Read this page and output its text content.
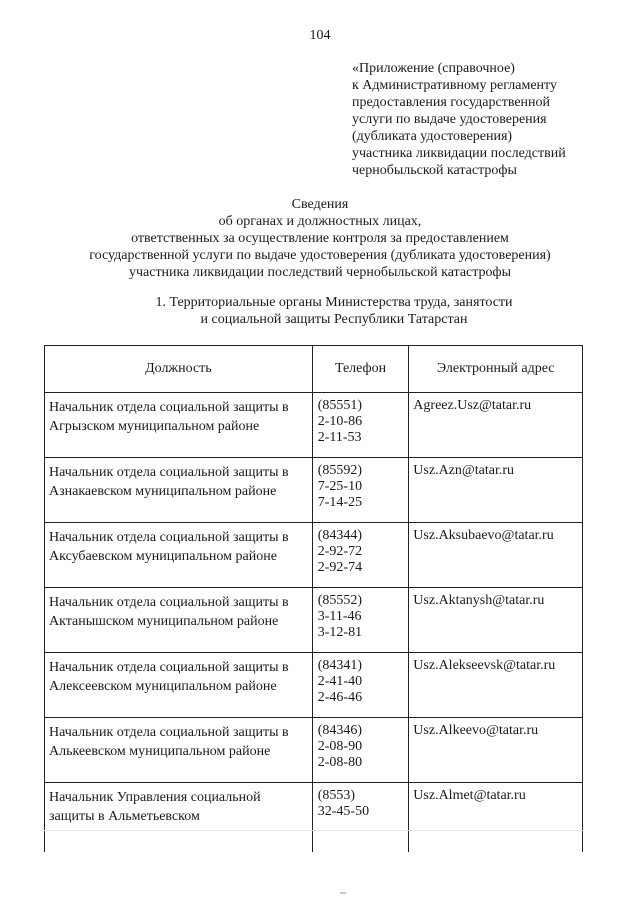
104
«Приложение (справочное)
к Административному регламенту
предоставления государственной
услуги по выдаче удостоверения
(дубликата удостоверения)
участника ликвидации последствий
чернобыльской катастрофы
Сведения
об органах и должностных лицах,
ответственных за осуществление контроля за предоставлением
государственной услуги по выдаче удостоверения (дубликата удостоверения)
участника ликвидации последствий чернобыльской катастрофы
1. Территориальные органы Министерства труда, занятости
и социальной защиты Республики Татарстан
Должность	Телефон	Электронный адрес

Начальник отдела социальной защиты в
Агрызском муниципальном районе	(85551)
2-10-86
2-11-53	Agreez.Usz@tatar.ru

Начальник отдела социальной защиты в
Азнакаевском муниципальном районе	(85592)
7-25-10
7-14-25	Usz.Azn@tatar.ru

Начальник отдела социальной защиты в
Аксубаевском муниципальном районе	(84344)
2-92-72
2-92-74	Usz.Aksubaevo@tatar.ru

Начальник отдела социальной защиты в
Актанышском муниципальном районе	(85552)
3-11-46
3-12-81	Usz.Aktanysh@tatar.ru

Начальник отдела социальной защиты в
Алексеевском муниципальном районе	(84341)
2-41-40
2-46-46	Usz.Alekseevsk@tatar.ru

Начальник отдела социальной защиты в
Алькеевском муниципальном районе	(84346)
2-08-90
2-08-80	Usz.Alkeevo@tatar.ru

Начальник Управления социальной
защиты в Альметьевском	(8553)
32-45-50	Usz.Almet@tatar.ru
